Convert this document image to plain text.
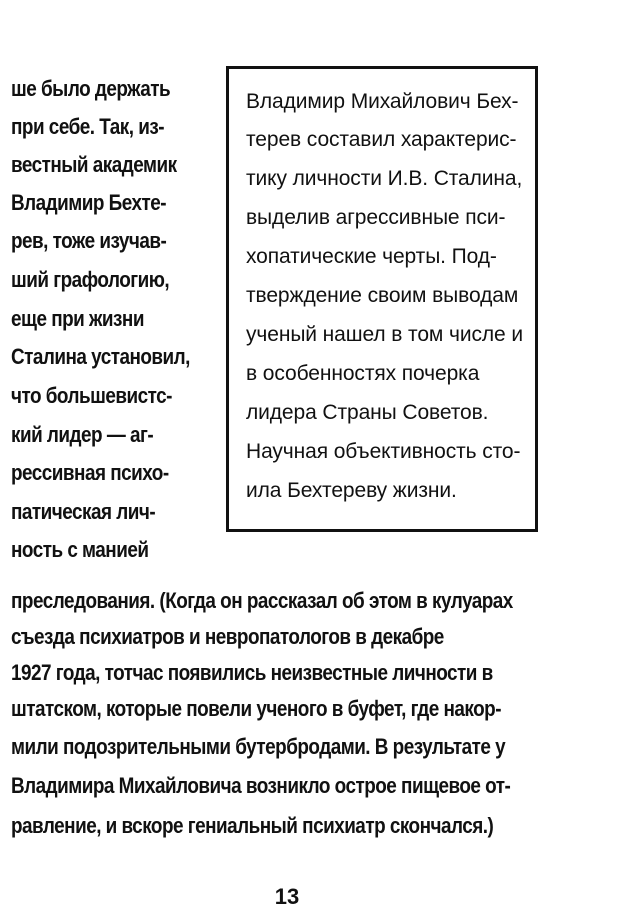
ше было держать
при себе. Так, из-
вестный академик
Владимир Бехте-
рев, тоже изучав-
ший графологию,
еще при жизни
Сталина установил,
что большевистс-
кий лидер — аг-
рессивная психо-
патическая лич-
ность с манией
Владимир Михайлович Бех-
терев составил характерис-
тику личности И.В. Сталина,
выделив агрессивные пси-
хопатические черты. Под-
тверждение своим выводам
ученый нашел в том числе и
в особенностях почерка
лидера Страны Советов.
Научная объективность сто-
ила Бехтереву жизни.
преследования. (Когда он рассказал об этом в кулуарах
съезда психиатров и невропатологов в декабре
1927 года, тотчас появились неизвестные личности в
штатском, которые повели ученого в буфет, где накор-
мили подозрительными бутербродами. В результате у
Владимира Михайловича возникло острое пищевое от-
равление, и вскоре гениальный психиатр скончался.)
13
